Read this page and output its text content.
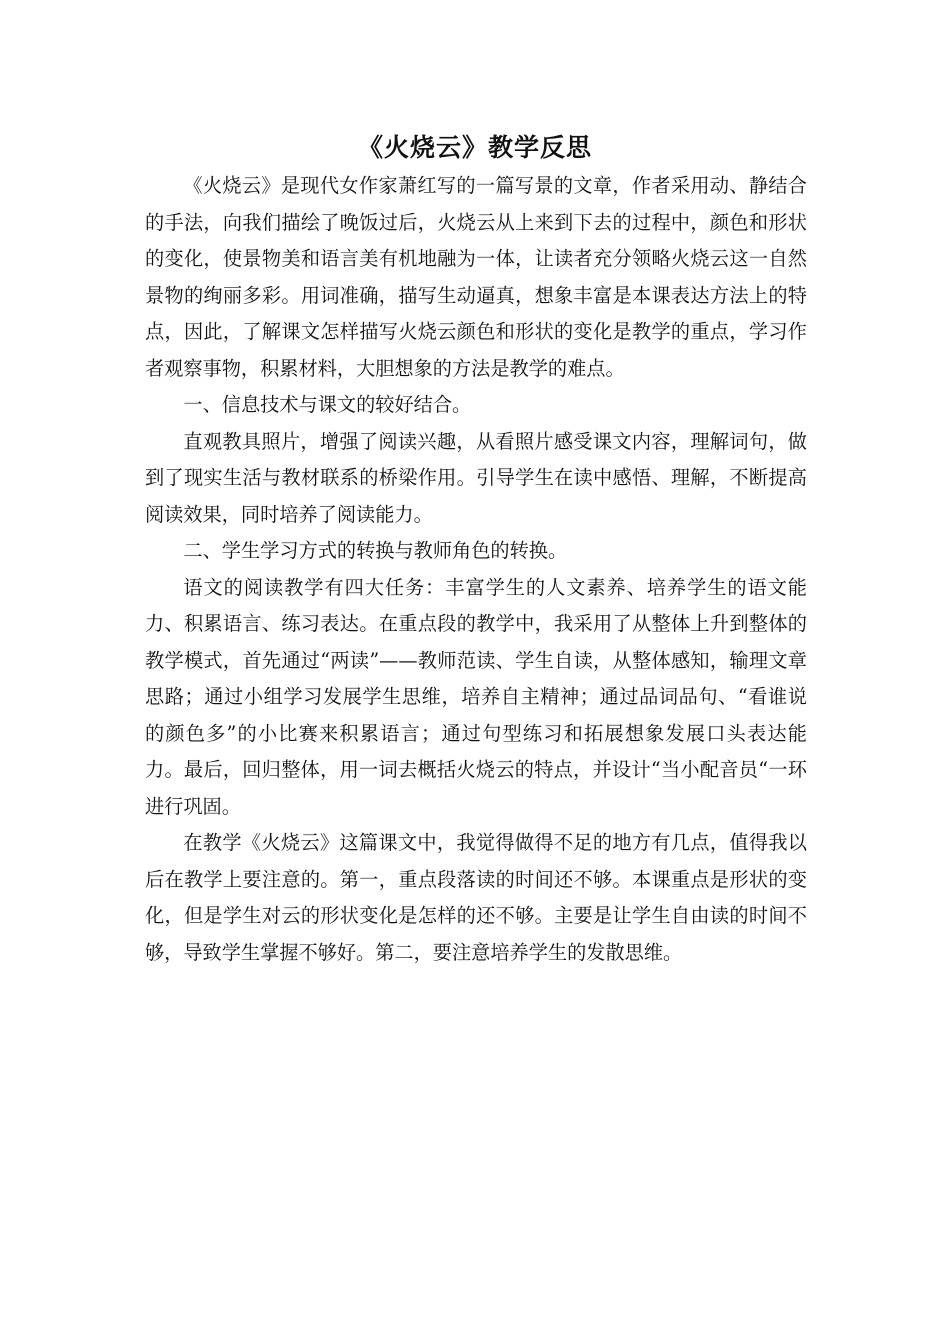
《火烧云》教学反思

《火烧云》是现代女作家萧红写的一篇写景的文章，作者采用动、静结合的手法，向我们描绘了晚饭过后，火烧云从上来到下去的过程中，颜色和形状的变化，使景物美和语言美有机地融为一体，让读者充分领略火烧云这一自然景物的绚丽多彩。用词准确，描写生动逼真，想象丰富是本课表达方法上的特点，因此，了解课文怎样描写火烧云颜色和形状的变化是教学的重点，学习作者观察事物，积累材料，大胆想象的方法是教学的难点。

一、信息技术与课文的较好结合。

直观教具照片，增强了阅读兴趣，从看照片感受课文内容，理解词句，做到了现实生活与教材联系的桥梁作用。引导学生在读中感悟、理解，不断提高阅读效果，同时培养了阅读能力。

二、学生学习方式的转换与教师角色的转换。

语文的阅读教学有四大任务：丰富学生的人文素养、培养学生的语文能力、积累语言、练习表达。在重点段的教学中，我采用了从整体上升到整体的教学模式，首先通过“两读”——教师范读、学生自读，从整体感知，输理文章思路；通过小组学习发展学生思维，培养自主精神；通过品词品句、“看谁说的颜色多”的小比赛来积累语言；通过句型练习和拓展想象发展口头表达能力。最后，回归整体，用一词去概括火烧云的特点，并设计“当小配音员“一环进行巩固。

在教学《火烧云》这篇课文中，我觉得做得不足的地方有几点，值得我以后在教学上要注意的。第一，重点段落读的时间还不够。本课重点是形状的变化，但是学生对云的形状变化是怎样的还不够。主要是让学生自由读的时间不够，导致学生掌握不够好。第二，要注意培养学生的发散思维。
